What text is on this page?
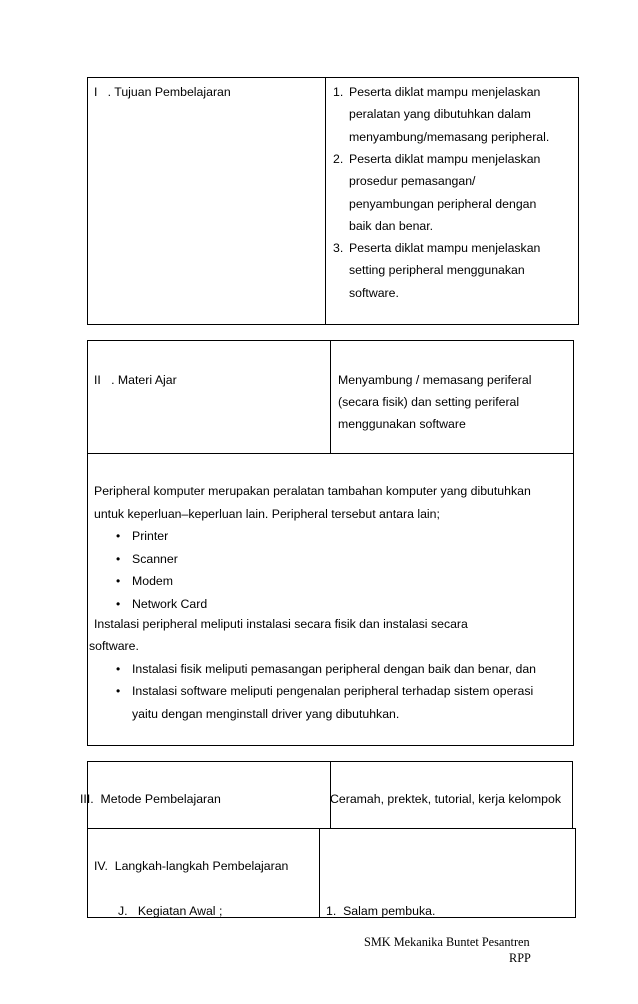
I   . Tujuan Pembelajaran	1. Peserta diklat mampu menjelaskan
peralatan yang dibutuhkan dalam
menyambung/memasang peripheral.
2. Peserta diklat mampu menjelaskan
prosedur pemasangan/
penyambungan peripheral dengan
baik dan benar.
3. Peserta diklat mampu menjelaskan
setting peripheral menggunakan
software.
II   . Materi Ajar	Menyambung / memasang periferal
(secara fisik) dan setting periferal
menggunakan software
Peripheral komputer merupakan peralatan tambahan komputer yang dibutuhkan
untuk keperluan–keperluan lain. Peripheral tersebut antara lain;
• Printer
• Scanner
• Modem
• Network Card
Instalasi peripheral meliputi instalasi secara fisik dan instalasi secara
software.
• Instalasi fisik meliputi pemasangan peripheral dengan baik dan benar, dan
• Instalasi software meliputi pengenalan peripheral terhadap sistem operasi
yaitu dengan menginstall driver yang dibutuhkan.
III.  Metode Pembelajaran	Ceramah, prektek, tutorial, kerja kelompok
IV.  Langkah-langkah Pembelajaran
J.   Kegiatan Awal ;	1.  Salam pembuka.
SMK Mekanika Buntet Pesantren
RPP
